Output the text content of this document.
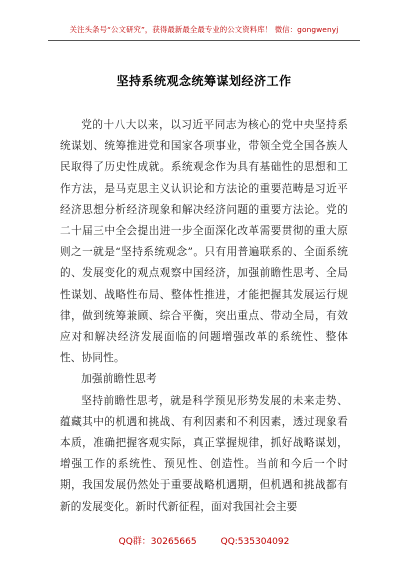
关注头条号“公文研究”，获得最新最全最专业的公文资料库！ 微信：gongwenyj
坚持系统观念统筹谋划经济工作

党的十八大以来，以习近平同志为核心的党中央坚持系统谋划、统筹推进党和国家各项事业，带领全党全国各族人民取得了历史性成就。系统观念作为具有基础性的思想和工作方法，是马克思主义认识论和方法论的重要范畴是习近平经济思想分析经济现象和解决经济问题的重要方法论。党的二十届三中全会提出进一步全面深化改革需要贯彻的重大原则之一就是“坚持系统观念”。只有用普遍联系的、全面系统的、发展变化的观点观察中国经济，加强前瞻性思考、全局性谋划、战略性布局、整体性推进，才能把握其发展运行规律，做到统筹兼顾、综合平衡，突出重点、带动全局，有效应对和解决经济发展面临的问题增强改革的系统性、整体性、协同性。

加强前瞻性思考

坚持前瞻性思考，就是科学预见形势发展的未来走势、蕴藏其中的机遇和挑战、有利因素和不利因素，透过现象看本质，准确把握客观实际，真正掌握规律，抓好战略谋划，增强工作的系统性、预见性、创造性。当前和今后一个时期，我国发展仍然处于重要战略机遇期，但机遇和挑战都有新的发展变化。新时代新征程，面对我国社会主要

QQ群：30265665	QQ:535304092
